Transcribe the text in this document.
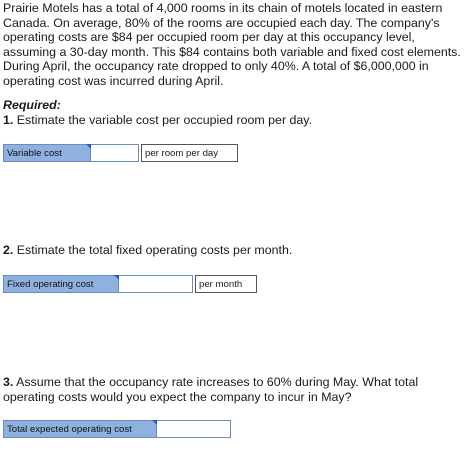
Prairie Motels has a total of 4,000 rooms in its chain of motels located in eastern Canada. On average, 80% of the rooms are occupied each day. The company's operating costs are $84 per occupied room per day at this occupancy level, assuming a 30-day month. This $84 contains both variable and fixed cost elements. During April, the occupancy rate dropped to only 40%. A total of $6,000,000 in operating cost was incurred during April.

Required:

1. Estimate the variable cost per occupied room per day.

Variable cost	per room per day

2. Estimate the total fixed operating costs per month.

Fixed operating cost	per month

3. Assume that the occupancy rate increases to 60% during May. What total operating costs would you expect the company to incur in May?

Total expected operating cost
